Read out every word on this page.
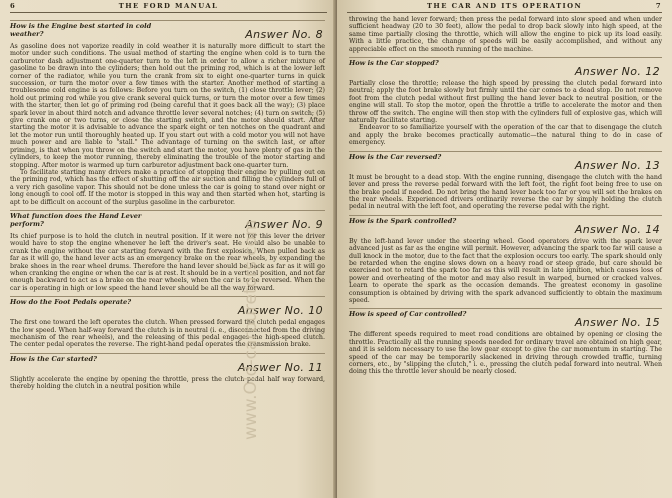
6	THE FORD MANUAL
How is the Engine best started in cold weather?	Answer No. 8

As gasoline does not vaporize readily in cold weather it is naturally more difficult to start the motor under such conditions. The usual method of starting the engine when cold is to turn the carburetor dash adjustment one-quarter turn to the left in order to allow a richer mixture of gasoline to be drawn into the cylinders; then hold out the priming rod, which is at the lower left corner of the radiator, while you turn the crank from six to eight one-quarter turns in quick succession, or turn the motor over a few times with the starter. Another method of starting a troublesome cold engine is as follows: Before you turn on the switch, (1) close throttle lever; (2) hold out priming rod while you give crank several quick turns, or turn the motor over a few times with the starter, then let go of priming rod (being careful that it goes back all the way); (3) place spark lever in about third notch and advance throttle lever several notches; (4) turn on switch; (5) give crank one or two turns, or close the starting switch, and the motor should start. After starting the motor it is advisable to advance the spark eight or ten notches on the quadrant and let the motor run until thoroughly heated up. If you start out with a cold motor you will not have much power and are liable to "stall." The advantage of turning on the switch last, or after priming, is that when you throw on the switch and start the motor, you have plenty of gas in the cylinders, to keep the motor running, thereby eliminating the trouble of the motor starting and stopping. After motor is warmed up turn carburetor adjustment back one-quarter turn.

To facilitate starting many drivers make a practice of stopping their engine by pulling out on the priming rod, which has the effect of shutting off the air suction and filling the cylinders full of a very rich gasoline vapor. This should not be done unless the car is going to stand over night or long enough to cool off. If the motor is stopped in this way and then started when hot, starting is apt to be difficult on account of the surplus gasoline in the carburetor.

What function does the Hand Lever perform?	Answer No. 9

Its chief purpose is to hold the clutch in neutral position. If it were not for this lever the driver would have to stop the engine whenever he left the driver's seat. He would also be unable to crank the engine without the car starting forward with the first explosion. When pulled back as far as it will go, the hand lever acts as an emergency brake on the rear wheels, by expanding the brake shoes in the rear wheel drums. Therefore the hand lever should be back as far as it will go when cranking the engine or when the car is at rest. It should be in a vertical position, and not far enough backward to act as a brake on the rear wheels, when the car is to be reversed. When the car is operating in high or low speed the hand lever should be all the way forward.

How do the Foot Pedals operate?
Answer No. 10

The first one toward the left operates the clutch. When pressed forward the clutch pedal engages the low speed. When half-way forward the clutch is in neutral (i. e., disconnected from the driving mechanism of the rear wheels), and the releasing of this pedal engages the high-speed clutch. The center pedal operates the reverse. The right-hand pedal operates the transmission brake.

How is the Car started?
Answer No. 11

Slightly accelerate the engine by opening the throttle, press the clutch pedal half way forward, thereby holding the clutch in a neutral position while

THE CAR AND ITS OPERATION	7

throwing the hand lever forward; then press the pedal forward into slow speed and when under sufficient headway (20 to 30 feet), allow the pedal to drop back slowly into high speed, at the same time partially closing the throttle, which will allow the engine to pick up its load easily. With a little practice, the change of speeds will be easily accomplished, and without any appreciable effect on the smooth running of the machine.

How is the Car stopped?
Answer No. 12

Partially close the throttle; release the high speed by pressing the clutch pedal forward into neutral; apply the foot brake slowly but firmly until the car comes to a dead stop. Do not remove foot from the clutch pedal without first pulling the hand lever back to neutral position, or the engine will stall. To stop the motor, open the throttle a trifle to accelerate the motor and then throw off the switch. The engine will then stop with the cylinders full of explosive gas, which will naturally facilitate starting.

Endeavor to so familiarize yourself with the operation of the car that to disengage the clutch and apply the brake becomes practically automatic—the natural thing to do in case of emergency.

How is the Car reversed?
Answer No. 13

It must be brought to a dead stop. With the engine running, disengage the clutch with the hand lever and press the reverse pedal forward with the left foot, the right foot being free to use on the brake pedal if needed. Do not bring the hand lever back too far or you will set the brakes on the rear wheels. Experienced drivers ordinarily reverse the car by simply holding the clutch pedal in neutral with the left foot, and operating the reverse pedal with the right.

How is the Spark controlled?
Answer No. 14

By the left-hand lever under the steering wheel. Good operators drive with the spark lever advanced just as far as the engine will permit. However, advancing the spark too far will cause a dull knock in the motor, due to the fact that the explosion occurs too early. The spark should only be retarded when the engine slows down on a heavy road or steep grade, but care should be exercised not to retard the spark too far as this will result in late ignition, which causes loss of power and overheating of the motor and may also result in warped, burned or cracked valves. Learn to operate the spark as the occasion demands. The greatest economy in gasoline consumption is obtained by driving with the spark advanced sufficiently to obtain the maximum speed.

How is speed of Car controlled?
Answer No. 15

The different speeds required to meet road conditions are obtained by opening or closing the throttle. Practically all the running speeds needed for ordinary travel are obtained on high gear, and it is seldom necessary to use the low gear except to give the car momentum in starting. The speed of the car may be temporarily slackened in driving through crowded traffic, turning corners, etc., by "slipping the clutch," i. e., pressing the clutch pedal forward into neutral. When doing this the throttle lever should be nearly closed.

www.Old-carburetors.com
